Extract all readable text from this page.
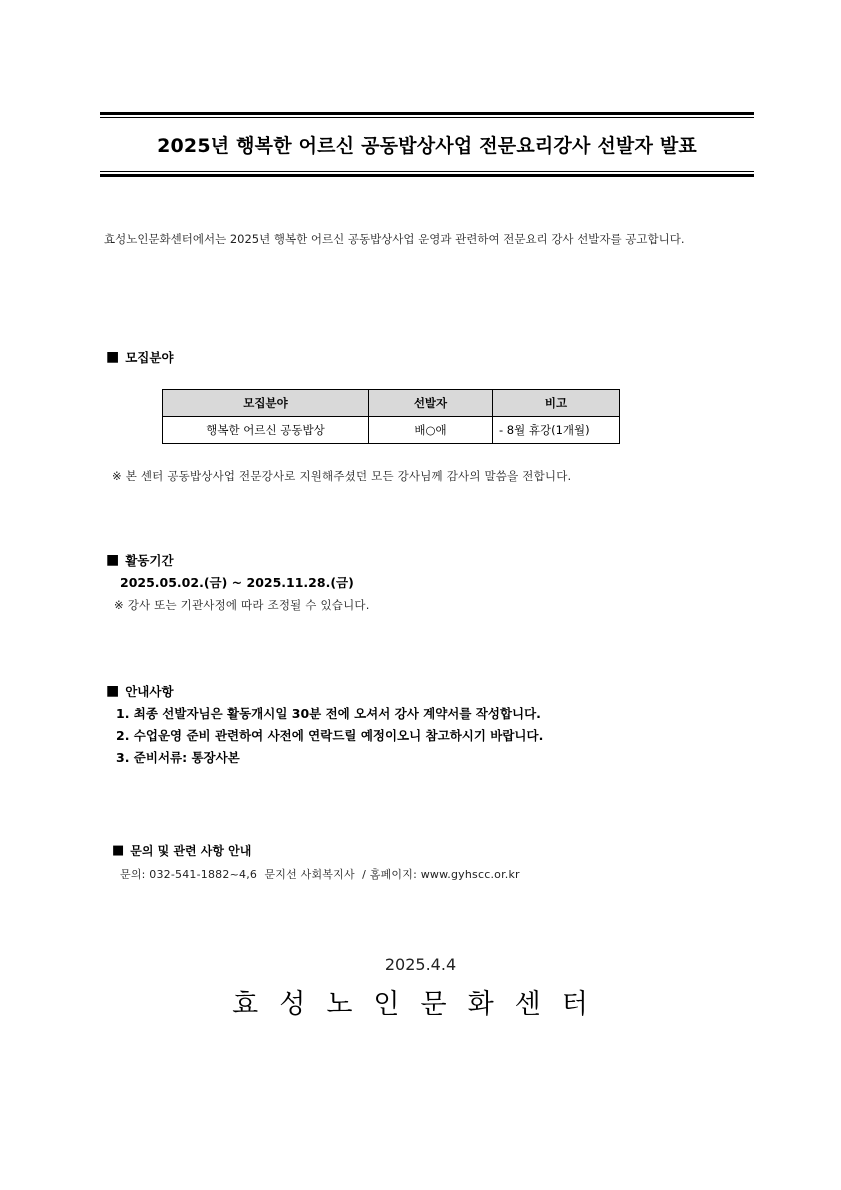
2025년 행복한 어르신 공동밥상사업 전문요리강사 선발자 발표
효성노인문화센터에서는 2025년 행복한 어르신 공동밥상사업 운영과 관련하여 전문요리 강사 선발자를 공고합니다.
■ 모집분야
모집분야	선발자	비고
행복한 어르신 공동밥상	배○애	- 8월 휴강(1개월)
※ 본 센터 공동밥상사업 전문강사로 지원해주셨던 모든 강사님께 감사의 말씀을 전합니다.
■ 활동기간
2025.05.02.(금) ~ 2025.11.28.(금)
※ 강사 또는 기관사정에 따라 조정될 수 있습니다.
■ 안내사항
1. 최종 선발자님은 활동개시일 30분 전에 오셔서 강사 계약서를 작성합니다.
2. 수업운영 준비 관련하여 사전에 연락드릴 예정이오니 참고하시기 바랍니다.
3. 준비서류: 통장사본
■ 문의 및 관련 사항 안내
문의: 032-541-1882~4,6  문지선 사회복지사  / 홈페이지: www.gyhscc.or.kr
2025.4.4
효성노인문화센터
